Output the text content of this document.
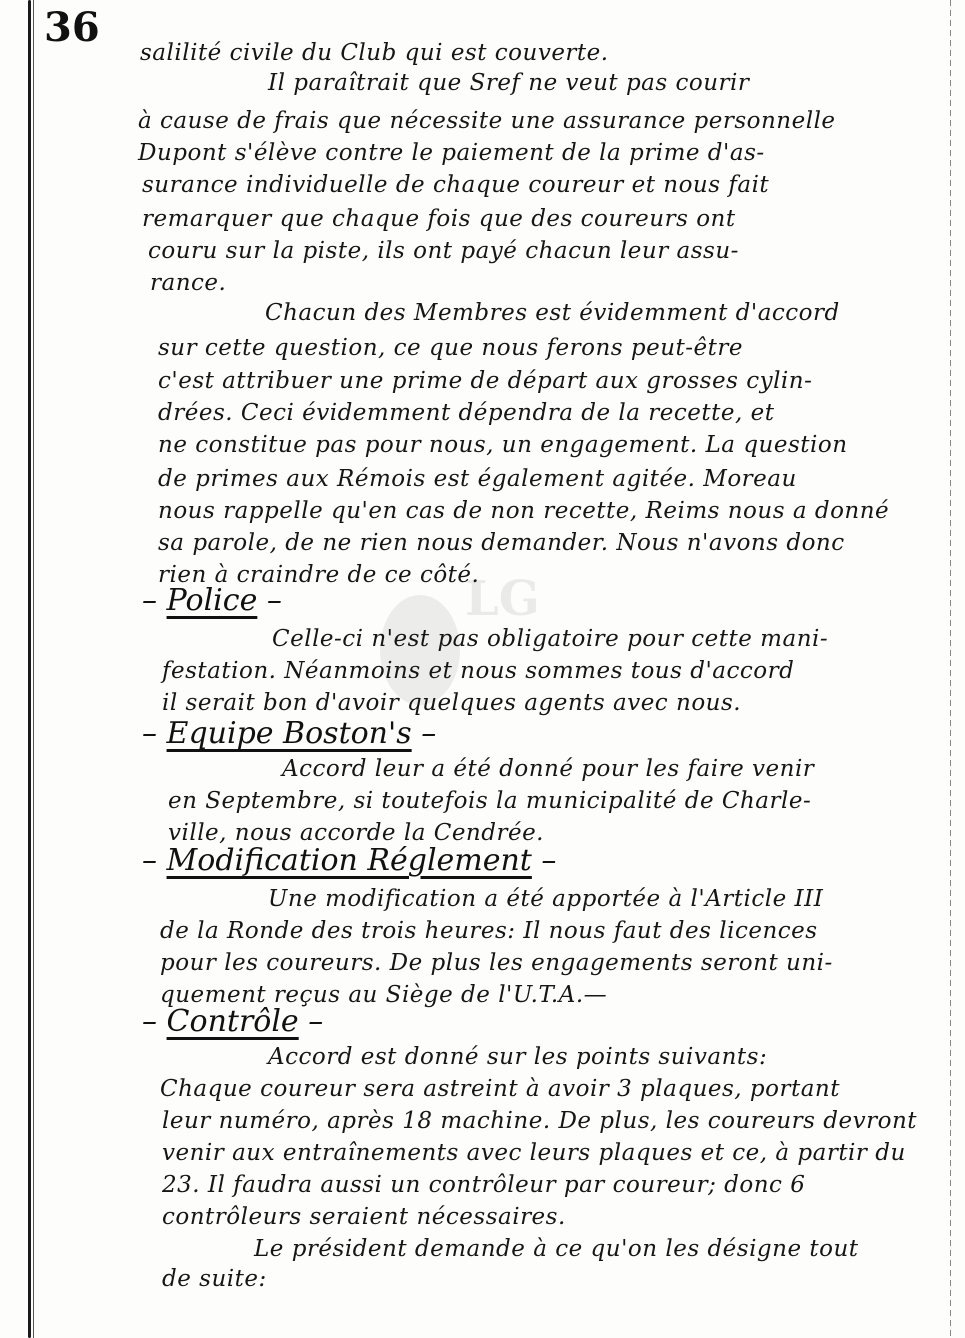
36
LG
salilité civile du Club qui est couverte.
Il paraîtrait que Sref ne veut pas courir
à cause de frais que nécessite une assurance personnelle
Dupont s'élève contre le paiement de la prime d'as-
surance individuelle de chaque coureur et nous fait
remarquer que chaque fois que des coureurs ont
couru sur la piste, ils ont payé chacun leur assu-
rance.
Chacun des Membres est évidemment d'accord
sur cette question, ce que nous ferons peut-être
c'est attribuer une prime de départ aux grosses cylin-
drées. Ceci évidemment dépendra de la recette, et
ne constitue pas pour nous, un engagement. La question
de primes aux Rémois est également agitée. Moreau
nous rappelle qu'en cas de non recette, Reims nous a donné
sa parole, de ne rien nous demander. Nous n'avons donc
rien à craindre de ce côté.
– Police –
Celle-ci n'est pas obligatoire pour cette mani-
festation. Néanmoins et nous sommes tous d'accord
il serait bon d'avoir quelques agents avec nous.
– Equipe Boston's –
Accord leur a été donné pour les faire venir
en Septembre, si toutefois la municipalité de Charle-
ville, nous accorde la Cendrée.
– Modification Réglement –
Une modification a été apportée à l'Article III
de la Ronde des trois heures: Il nous faut des licences
pour les coureurs. De plus les engagements seront uni-
quement reçus au Siège de l'U.T.A.—
– Contrôle –
Accord est donné sur les points suivants:
Chaque coureur sera astreint à avoir 3 plaques, portant
leur numéro, après 18 machine. De plus, les coureurs devront
venir aux entraînements avec leurs plaques et ce, à partir du
23. Il faudra aussi un contrôleur par coureur; donc 6
contrôleurs seraient nécessaires.
Le président demande à ce qu'on les désigne tout
de suite:
